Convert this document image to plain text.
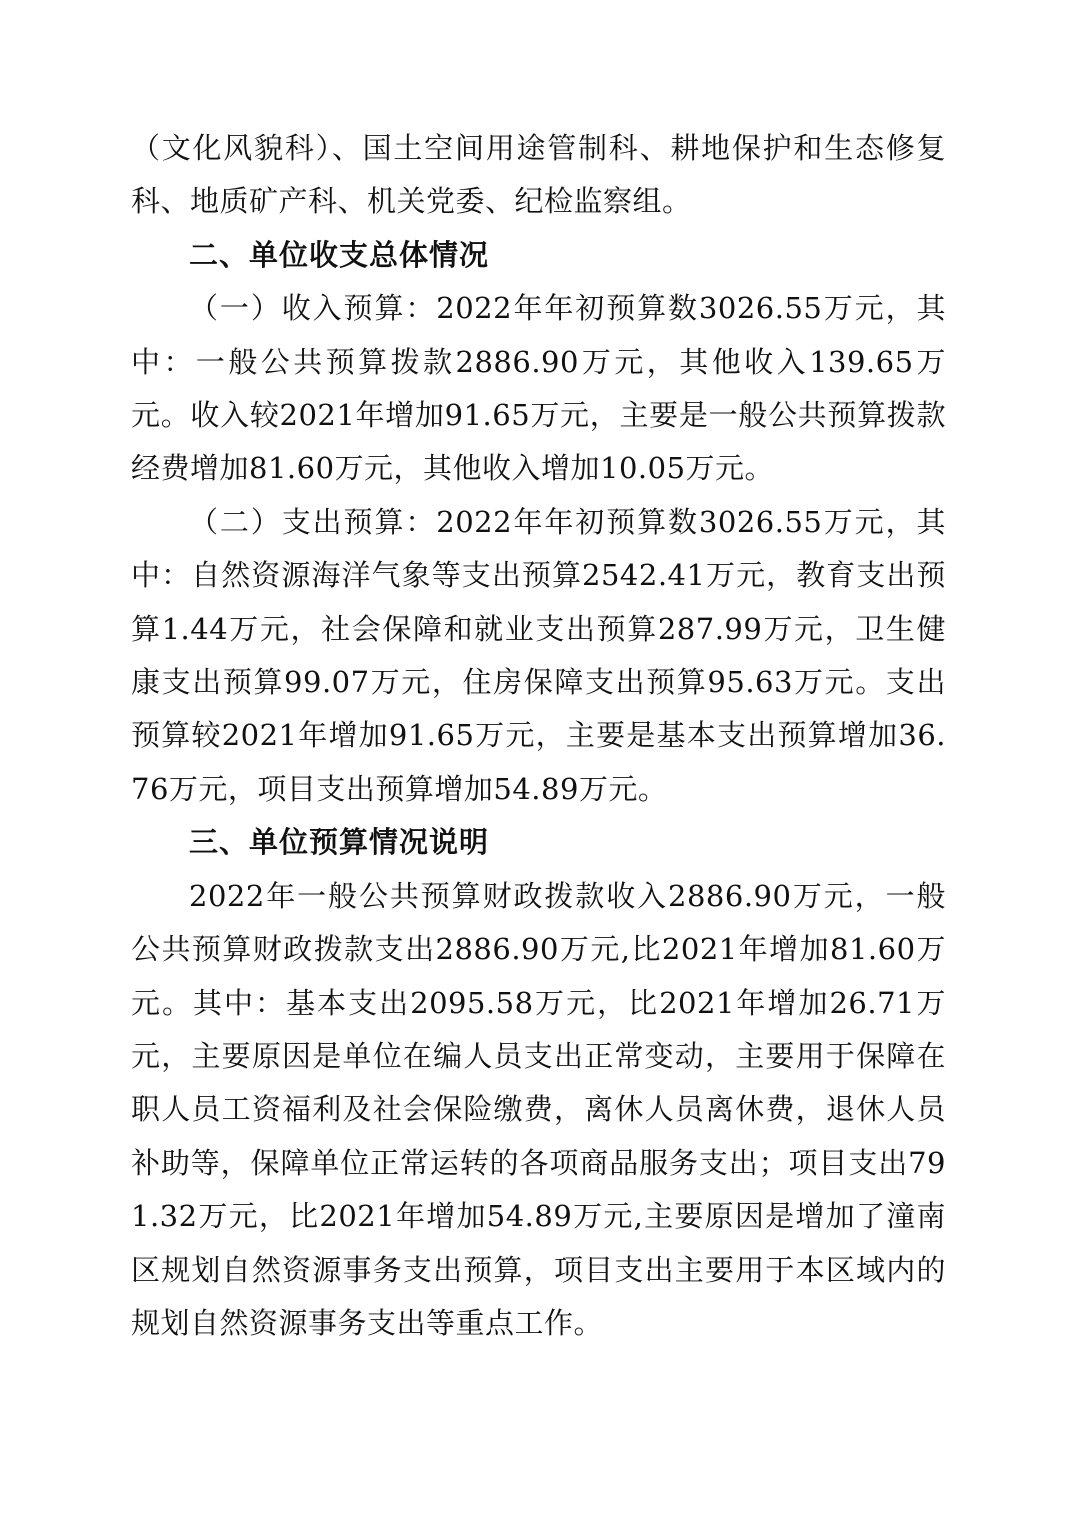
（文化风貌科）、国土空间用途管制科、耕地保护和生态修复科、地质矿产科、机关党委、纪检监察组。

二、单位收支总体情况

（一）收入预算：2022年年初预算数3026.55万元，其中：一般公共预算拨款2886.90万元，其他收入139.65万元。收入较2021年增加91.65万元，主要是一般公共预算拨款经费增加81.60万元，其他收入增加10.05万元。

（二）支出预算：2022年年初预算数3026.55万元，其中：自然资源海洋气象等支出预算2542.41万元，教育支出预算1.44万元，社会保障和就业支出预算287.99万元，卫生健康支出预算99.07万元，住房保障支出预算95.63万元。支出预算较2021年增加91.65万元，主要是基本支出预算增加36.76万元，项目支出预算增加54.89万元。

三、单位预算情况说明

2022年一般公共预算财政拨款收入2886.90万元，一般公共预算财政拨款支出2886.90万元,比2021年增加81.60万元。其中：基本支出2095.58万元，比2021年增加26.71万元，主要原因是单位在编人员支出正常变动，主要用于保障在职人员工资福利及社会保险缴费，离休人员离休费，退休人员补助等，保障单位正常运转的各项商品服务支出；项目支出791.32万元，比2021年增加54.89万元,主要原因是增加了潼南区规划自然资源事务支出预算，项目支出主要用于本区域内的规划自然资源事务支出等重点工作。
